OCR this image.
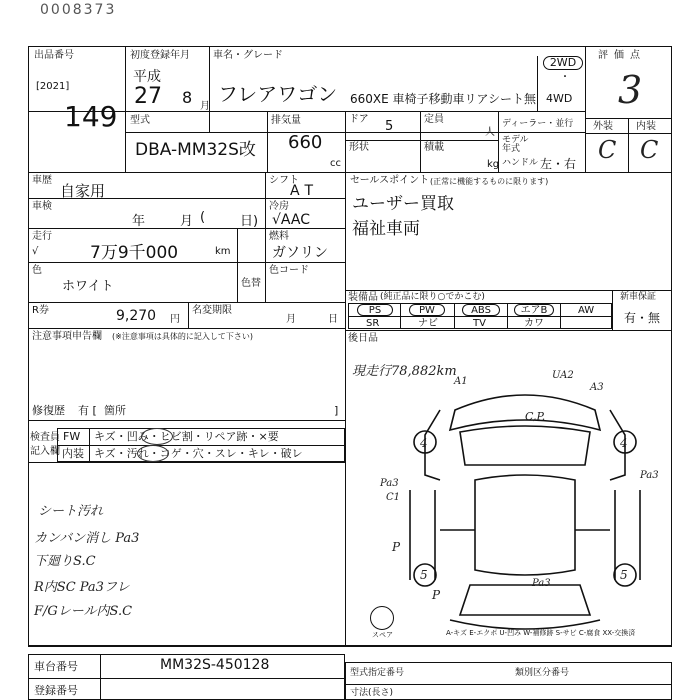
0008373
出品番号
[2021]
149
初度登録年月
平成
27 8 月
車名・グレード
フレアワゴン 660XE 車椅子移動車リアシート無
2WD
・
4WD
評価点
3
外装 内装
C C
型式
DBA-MM32S改
排気量
660
cc
ドア 5	定員
人
ディーラー・並行
モデル年式
形状	積載
kg ハンドル 左・右
車歴
自家用
車検
年	月 (	日)
走行
√	7万9千000	km
色
ホワイト	色替
シフト
AT
冷房
√AAC
燃料
ガソリン
色コード
R券	9,270 円
名変期限
月	日
注意事項申告欄 (※注意事項は具体的に記入して下さい)
修復歴 有 [ 箇所	]
検査員
記入欄
FW キズ・凹み・ヒビ割・リペア跡・×要
内装 キズ・汚れ・コゲ・穴・スレ・キレ・破レ
シート汚れ
カンバン消し Pa3
下廻りS.C
R内SC Pa3フレ
F/Gレール内S.C
セールスポイント (正常に機能するものに限ります)
ユーザー買取
福祉車両
装備品 (純正品に限り○でかこむ)	新車保証
有・無
PS	PW	ABS	エアB	AW
SR	ナビ	TV	カワ
後日品
現走行78,882km
スペア
A1
UA2
A3
C,P.
4	4
Pa3
Pa3
C1
P
5	5
Pa3
P
A-キズ E-エクボ U-凹み W-補修跡 S-サビ C-腐食 XX-交換済
車台番号	MM32S-450128
登録番号
型式指定番号	類別区分番号
寸法(長さ)
